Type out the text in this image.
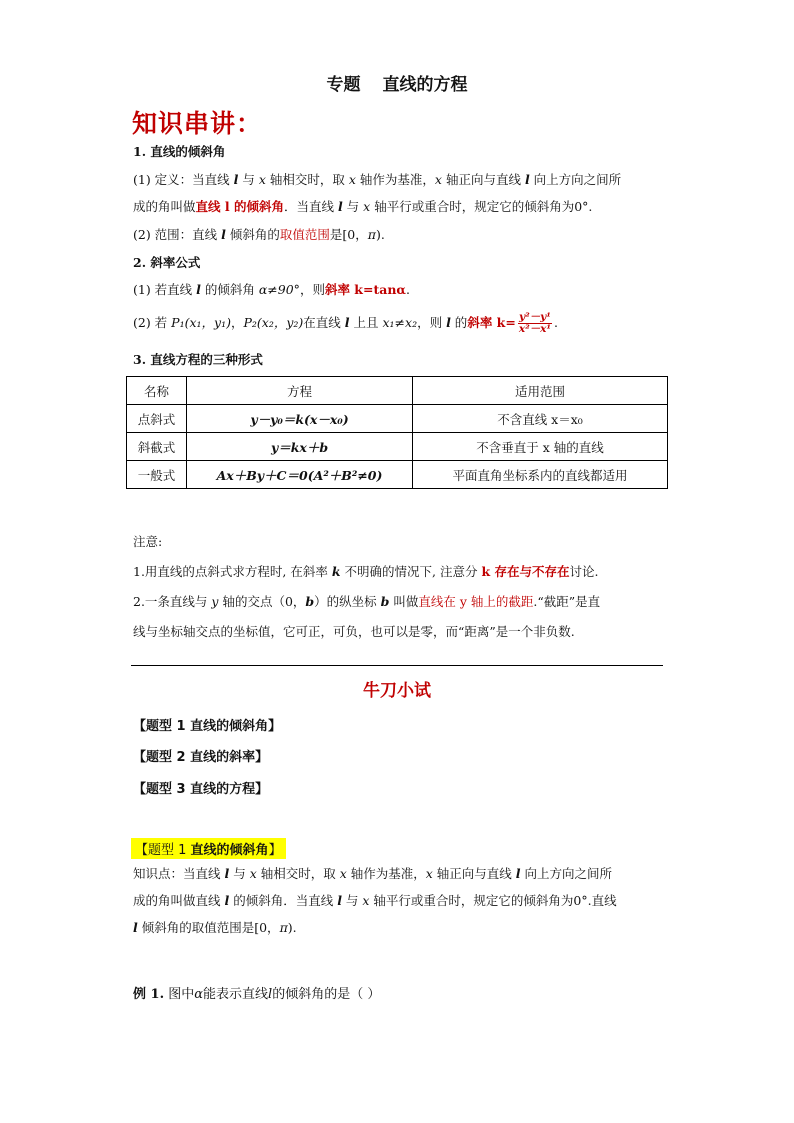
专题 直线的方程
知识串讲：
1. 直线的倾斜角
(1) 定义：当直线 l 与 x 轴相交时，取 x 轴作为基准，x 轴正向与直线 l 向上方向之间所
成的角叫做直线 l 的倾斜角．当直线 l 与 x 轴平行或重合时，规定它的倾斜角为0°.
(2) 范围：直线 l 倾斜角的取值范围是[0，π).
2. 斜率公式
(1) 若直线 l 的倾斜角 α≠90°，则斜率 k=tanα.
(2) 若 P₁(x₁，y₁)，P₂(x₂，y₂)在直线 l 上且 x₁≠x₂，则 l 的斜率 $k= \frac{\text{y²－y¹}}{\text{x²－x¹}}$ .
3. 直线方程的三种形式
名称	方程	适用范围
点斜式	y－y₀＝k(x－x₀)	不含直线 x＝x₀
斜截式	y＝kx＋b	不含垂直于 x 轴的直线
一般式	Ax＋By＋C＝0(A²＋B²≠0)	平面直角坐标系内的直线都适用
注意:
1.用直线的点斜式求方程时, 在斜率 k 不明确的情况下, 注意分 k 存在与不存在讨论.
2.一条直线与 y 轴的交点（0，b）的纵坐标 b 叫做直线在 y 轴上的截距.“截距”是直
线与坐标轴交点的坐标值，它可正，可负，也可以是零，而“距离”是一个非负数.
牛刀小试
【题型 1 直线的倾斜角】
【题型 2 直线的斜率】
【题型 3 直线的方程】
【题型 1 直线的倾斜角】
知识点：当直线 l 与 x 轴相交时，取 x 轴作为基准，x 轴正向与直线 l 向上方向之间所
成的角叫做直线 l 的倾斜角．当直线 l 与 x 轴平行或重合时，规定它的倾斜角为0°.直线
l 倾斜角的取值范围是[0，π).
例 1. 图中α能表示直线l的倾斜角的是（ ）
